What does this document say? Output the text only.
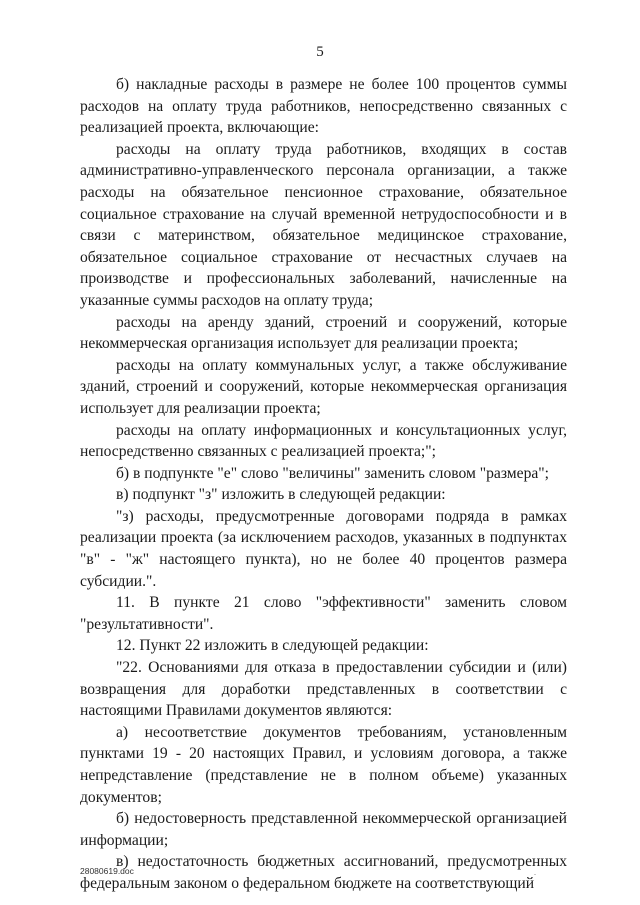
5

б) накладные расходы в размере не более 100 процентов суммы расходов на оплату труда работников, непосредственно связанных с реализацией проекта, включающие:

расходы на оплату труда работников, входящих в состав административно-управленческого персонала организации, а также расходы на обязательное пенсионное страхование, обязательное социальное страхование на случай временной нетрудоспособности и в связи с материнством, обязательное медицинское страхование, обязательное социальное страхование от несчастных случаев на производстве и профессиональных заболеваний, начисленные на указанные суммы расходов на оплату труда;

расходы на аренду зданий, строений и сооружений, которые некоммерческая организация использует для реализации проекта;

расходы на оплату коммунальных услуг, а также обслуживание зданий, строений и сооружений, которые некоммерческая организация использует для реализации проекта;

расходы на оплату информационных и консультационных услуг, непосредственно связанных с реализацией проекта;";

б) в подпункте "е" слово "величины" заменить словом "размера";

в) подпункт "з" изложить в следующей редакции:

"з) расходы, предусмотренные договорами подряда в рамках реализации проекта (за исключением расходов, указанных в подпунктах "в" - "ж" настоящего пункта), но не более 40 процентов размера субсидии.".

11. В пункте 21 слово "эффективности" заменить словом "результативности".

12. Пункт 22 изложить в следующей редакции:

"22. Основаниями для отказа в предоставлении субсидии и (или) возвращения для доработки представленных в соответствии с настоящими Правилами документов являются:

а) несоответствие документов требованиям, установленным пунктами 19 - 20 настоящих Правил, и условиям договора, а также непредставление (представление не в полном объеме) указанных документов;

б) недостоверность представленной некоммерческой организацией информации;

в) недостаточность бюджетных ассигнований, предусмотренных федеральным законом о федеральном бюджете на соответствующий

28080619.doc	.
